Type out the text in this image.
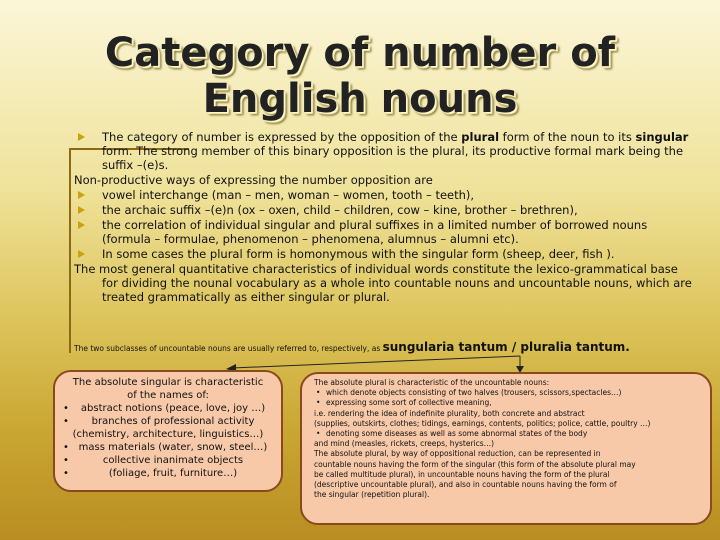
Category of number of
English nouns
The category of number is expressed by the opposition of the plural form of the noun to its singular form. The strong member of this binary opposition is the plural, its productive formal mark being the suffix –(e)s.
Non-productive ways of expressing the number opposition are
vowel interchange (man – men, woman – women, tooth – teeth),
the archaic suffix –(e)n (ox – oxen, child – children, cow – kine, brother – brethren),
the correlation of individual singular and plural suffixes in a limited number of borrowed nouns (formula – formulae, phenomenon – phenomena, alumnus – alumni etc).
In some cases the plural form is homonymous with the singular form (sheep, deer, fish ).
The most general quantitative characteristics of individual words constitute the lexico-grammatical base for dividing the nounal vocabulary as a whole into countable nouns and uncountable nouns, which are treated grammatically as either singular or plural.
The two subclasses of uncountable nouns are usually referred to, respectively, as sungularia tantum / pluralia tantum.
The absolute singular is characteristic
of the names of:
• abstract notions (peace, love, joy …)
• branches of professional activity
(chemistry, architecture, linguistics…)
• mass materials (water, snow, steel…)
•	collective inanimate objects
•	(foliage, fruit, furniture…)
The absolute plural is characteristic of the uncountable nouns:
• which denote objects consisting of two halves (trousers, scissors,spectacles…)
• expressing some sort of collective meaning,
i.e. rendering the idea of indefinite plurality, both concrete and abstract
(supplies, outskirts, clothes; tidings, earnings, contents, politics; police, cattle, poultry …)
• denoting some diseases as well as some abnormal states of the body
and mind (measles, rickets, creeps, hysterics…)
The absolute plural, by way of oppositional reduction, can be represented in
countable nouns having the form of the singular (this form of the absolute plural may
be called multitude plural), in uncountable nouns having the form of the plural
(descriptive uncountable plural), and also in countable nouns having the form of
the singular (repetition plural).
